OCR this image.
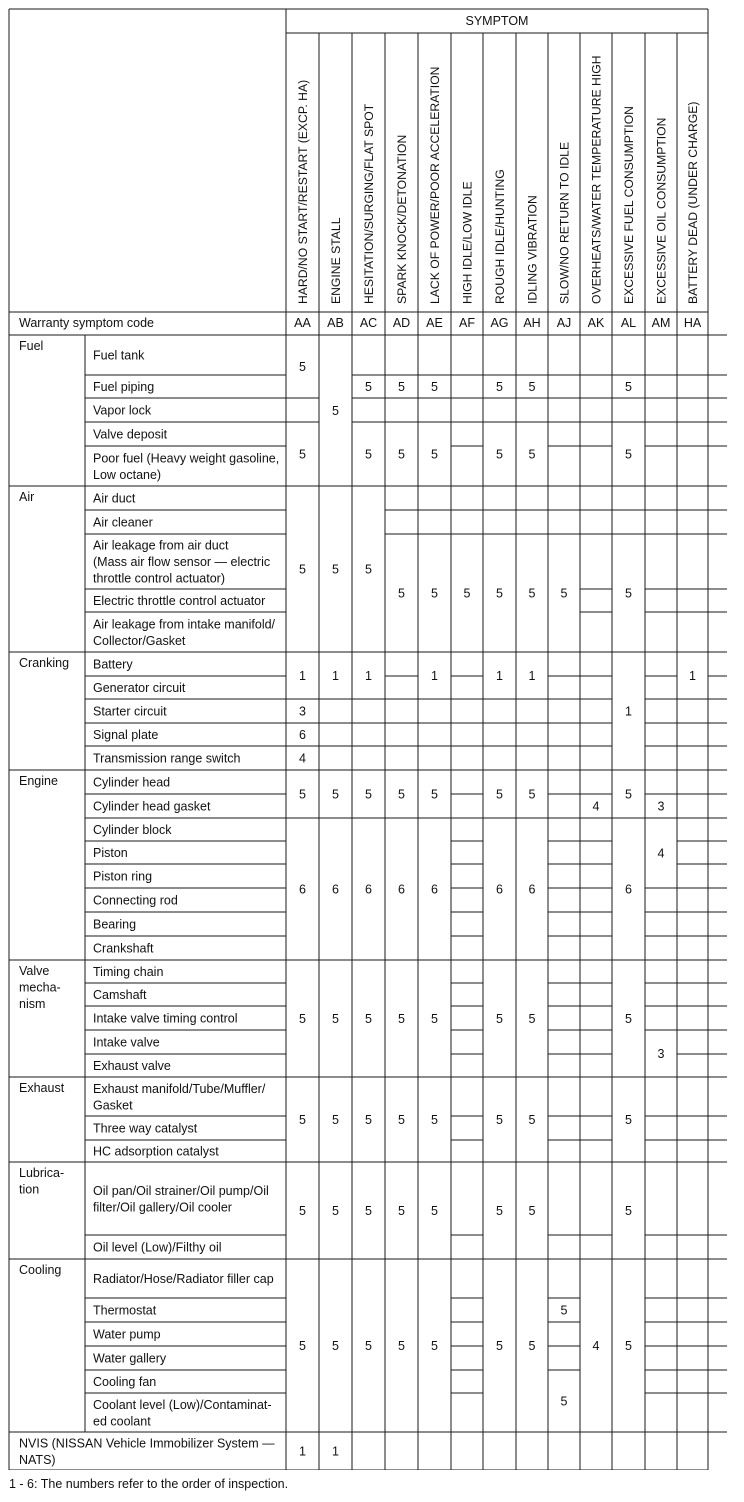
SYMPTOM
Warranty symptom code
HARD/NO START/RESTART (EXCP. HA)
AA
ENGINE STALL
AB
HESITATION/SURGING/FLAT SPOT
AC
SPARK KNOCK/DETONATION
AD
LACK OF POWER/POOR ACCELERATION
AE
HIGH IDLE/LOW IDLE
AF
ROUGH IDLE/HUNTING
AG
IDLING VIBRATION
AH
SLOW/NO RETURN TO IDLE
AJ
OVERHEATS/WATER TEMPERATURE HIGH
AK
EXCESSIVE FUEL CONSUMPTION
AL
EXCESSIVE OIL CONSUMPTION
AM
BATTERY DEAD (UNDER CHARGE)
HA
Fuel
Air
Cranking
Engine
Valve
mecha-
nism
Exhaust
Lubrica-
tion
Cooling
Fuel tank
Fuel piping
Vapor lock
Valve deposit
Poor fuel (Heavy weight gasoline,
Low octane)
Air duct
Air cleaner
Air leakage from air duct
(Mass air flow sensor — electric
throttle control actuator)
Electric throttle control actuator
Air leakage from intake manifold/
Collector/Gasket
Battery
Generator circuit
Starter circuit
Signal plate
Transmission range switch
Cylinder head
Cylinder head gasket
Cylinder block
Piston
Piston ring
Connecting rod
Bearing
Crankshaft
Timing chain
Camshaft
Intake valve timing control
Intake valve
Exhaust valve
Exhaust manifold/Tube/Muffler/
Gasket
Three way catalyst
HC adsorption catalyst
Oil pan/Oil strainer/Oil pump/Oil
filter/Oil gallery/Oil cooler
Oil level (Low)/Filthy oil
Radiator/Hose/Radiator filler cap
Thermostat
Water pump
Water gallery
Cooling fan
Coolant level (Low)/Contaminat-
ed coolant
NVIS (NISSAN Vehicle Immobilizer System —
NATS)
5
5
5
1
3
6
4
5
6
5
5
5
5
1
5
5
1
5
6
5
5
5
5
1
5
5
5
1
5
6
5
5
5
5
5
5
5
5
6
5
5
5
5
5
5
5
1
5
6
5
5
5
5
5
5
5
5
1
5
6
5
5
5
5
5
5
5
1
5
6
5
5
5
5
5
5
5
4
4
5
5
5
1
5
6
5
5
5
5
3
4
3
1
1 - 6: The numbers refer to the order of inspection.
